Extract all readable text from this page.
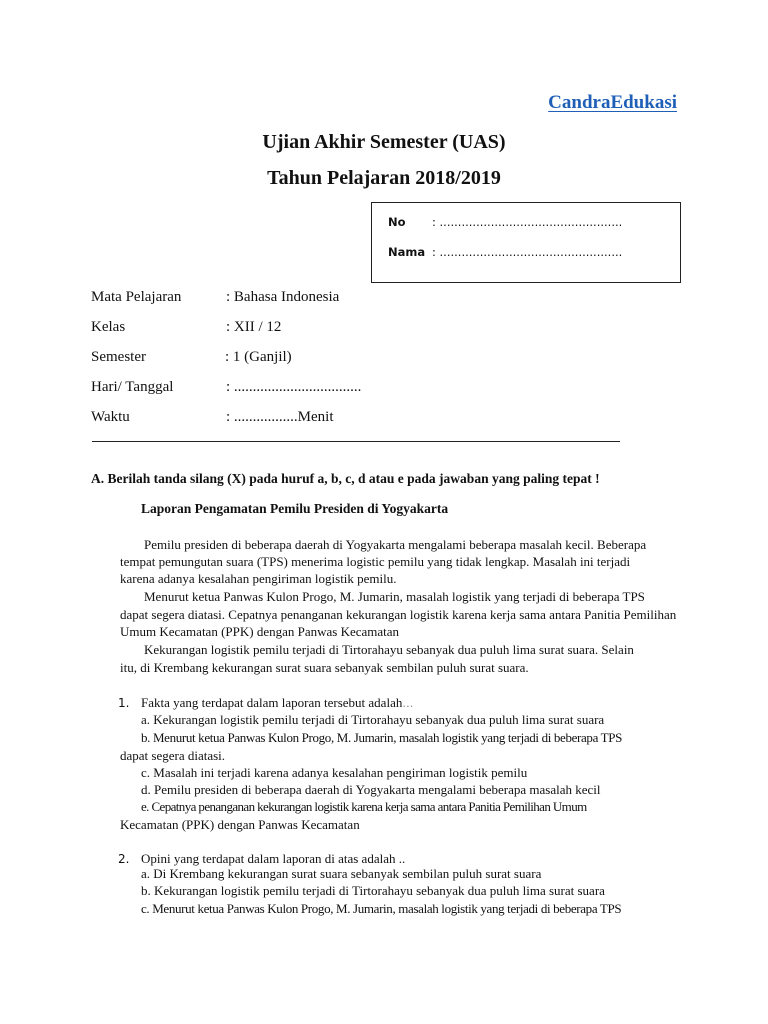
CandraEdukasi
Ujian Akhir Semester (UAS)
Tahun Pelajaran 2018/2019
No : ..................................................
Nama : ..................................................
Mata Pelajaran	: Bahasa Indonesia
Kelas	: XII / 12
Semester	: 1 (Ganjil)
Hari/ Tanggal	: ..................................
Waktu	: .................Menit
A. Berilah tanda silang (X) pada huruf a, b, c, d atau e pada jawaban yang paling tepat !
Laporan Pengamatan Pemilu Presiden di Yogyakarta
Pemilu presiden di beberapa daerah di Yogyakarta mengalami beberapa masalah kecil. Beberapa
tempat pemungutan suara (TPS) menerima logistic pemilu yang tidak lengkap. Masalah ini terjadi
karena adanya kesalahan pengiriman logistik pemilu.
Menurut ketua Panwas Kulon Progo, M. Jumarin, masalah logistik yang terjadi di beberapa TPS
dapat segera diatasi. Cepatnya penanganan kekurangan logistik karena kerja sama antara Panitia Pemilihan
Umum Kecamatan (PPK) dengan Panwas Kecamatan
Kekurangan logistik pemilu terjadi di Tirtorahayu sebanyak dua puluh lima surat suara. Selain
itu, di Krembang kekurangan surat suara sebanyak sembilan puluh surat suara.
1. Fakta yang terdapat dalam laporan tersebut adalah…
a. Kekurangan logistik pemilu terjadi di Tirtorahayu sebanyak dua puluh lima surat suara
b. Menurut ketua Panwas Kulon Progo, M. Jumarin, masalah logistik yang terjadi di beberapa TPS
dapat segera diatasi.
c. Masalah ini terjadi karena adanya kesalahan pengiriman logistik pemilu
d. Pemilu presiden di beberapa daerah di Yogyakarta mengalami beberapa masalah kecil
e. Cepatnya penanganan kekurangan logistik karena kerja sama antara Panitia Pemilihan Umum
Kecamatan (PPK) dengan Panwas Kecamatan
2. Opini yang terdapat dalam laporan di atas adalah ..
a. Di Krembang kekurangan surat suara sebanyak sembilan puluh surat suara
b. Kekurangan logistik pemilu terjadi di Tirtorahayu sebanyak dua puluh lima surat suara
c. Menurut ketua Panwas Kulon Progo, M. Jumarin, masalah logistik yang terjadi di beberapa TPS
